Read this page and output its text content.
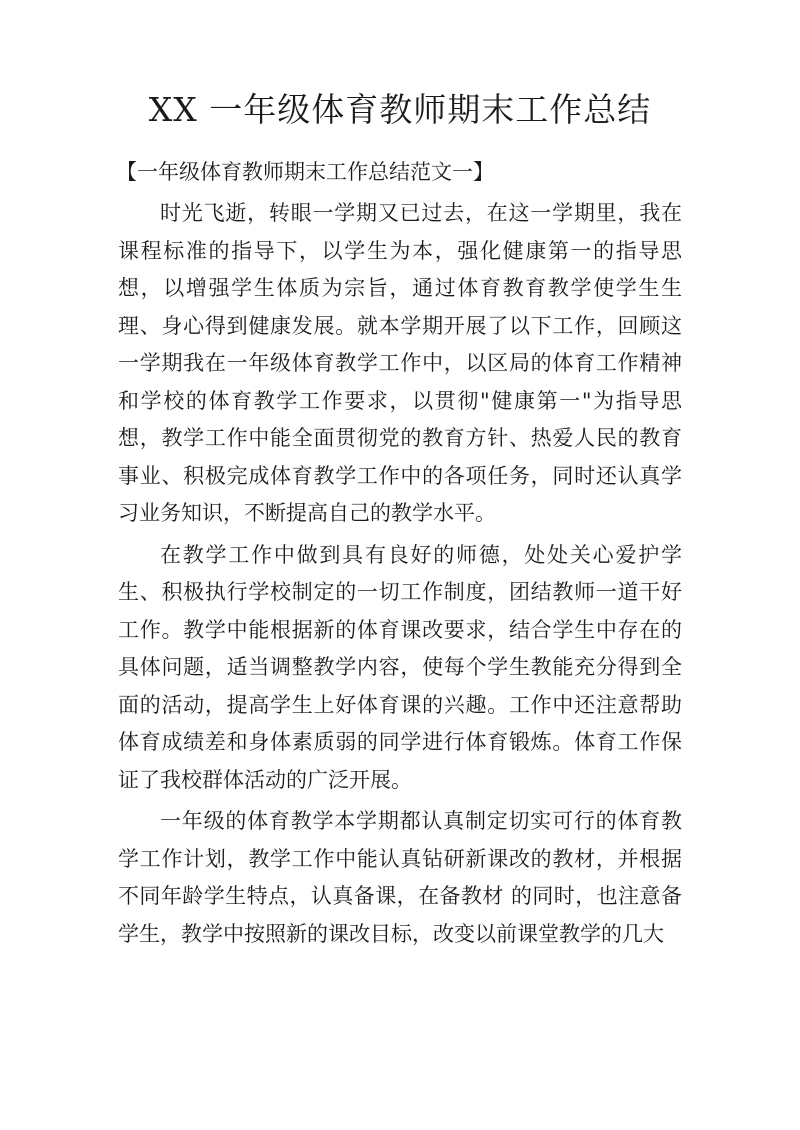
XX 一年级体育教师期末工作总结
【一年级体育教师期末工作总结范文一】

时光飞逝，转眼一学期又已过去，在这一学期里，我在课程标准的指导下，以学生为本，强化健康第一的指导思想，以增强学生体质为宗旨，通过体育教育教学使学生生理、身心得到健康发展。就本学期开展了以下工作，回顾这一学期我在一年级体育教学工作中，以区局的体育工作精神和学校的体育教学工作要求，以贯彻"健康第一"为指导思想，教学工作中能全面贯彻党的教育方针、热爱人民的教育事业、积极完成体育教学工作中的各项任务，同时还认真学习业务知识，不断提高自己的教学水平。

在教学工作中做到具有良好的师德，处处关心爱护学生、积极执行学校制定的一切工作制度，团结教师一道干好工作。教学中能根据新的体育课改要求，结合学生中存在的具体问题，适当调整教学内容，使每个学生教能充分得到全面的活动，提高学生上好体育课的兴趣。工作中还注意帮助体育成绩差和身体素质弱的同学进行体育锻炼。体育工作保证了我校群体活动的广泛开展。

一年级的体育教学本学期都认真制定切实可行的体育教学工作计划，教学工作中能认真钻研新课改的教材，并根据不同年龄学生特点，认真备课，在备教材 的同时，也注意备学生，教学中按照新的课改目标，改变以前课堂教学的几大
